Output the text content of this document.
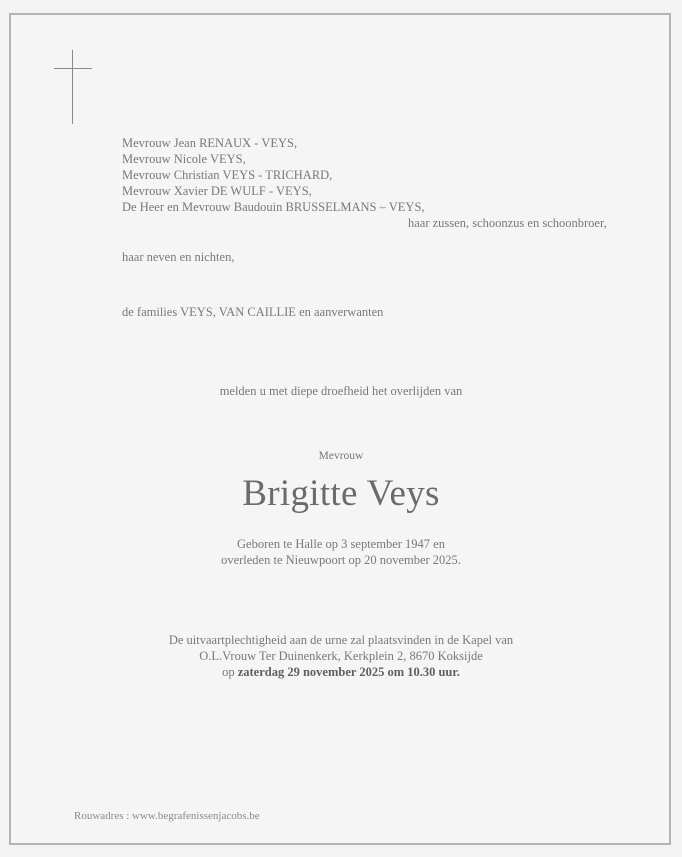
Mevrouw Jean RENAUX - VEYS,
Mevrouw Nicole VEYS,
Mevrouw Christian VEYS - TRICHARD,
Mevrouw Xavier DE WULF - VEYS,
De Heer en Mevrouw Baudouin BRUSSELMANS – VEYS,
haar zussen, schoonzus en schoonbroer,
haar neven en nichten,
de families VEYS, VAN CAILLIE en aanverwanten
melden u met diepe droefheid het overlijden van
Mevrouw
Brigitte Veys
Geboren te Halle op 3 september 1947 en
overleden te Nieuwpoort op 20 november 2025.
De uitvaartplechtigheid aan de urne zal plaatsvinden in de Kapel van
O.L.Vrouw Ter Duinenkerk, Kerkplein 2, 8670 Koksijde
op zaterdag 29 november 2025 om 10.30 uur.
Rouwadres : www.begrafenissenjacobs.be
